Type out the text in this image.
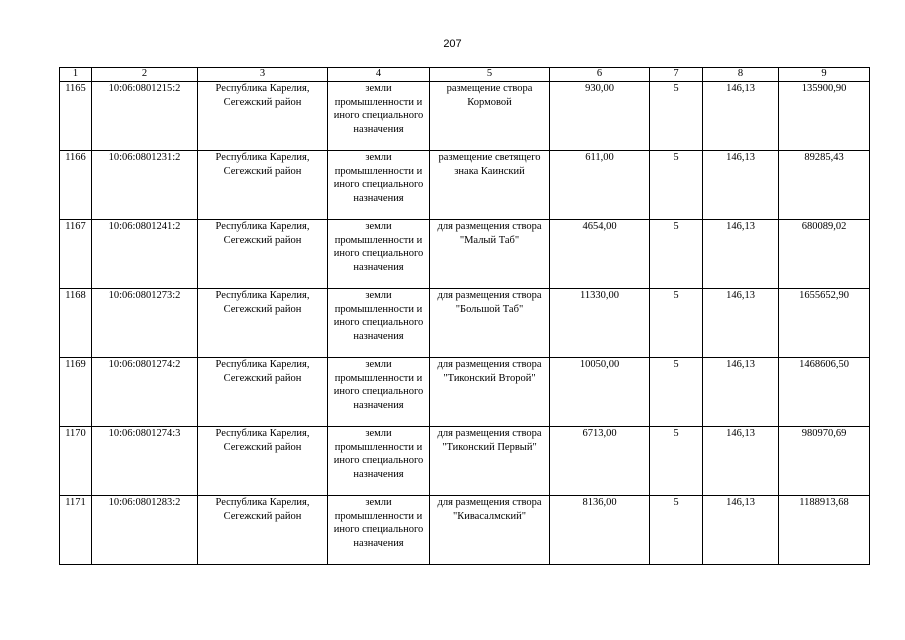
207
1	2	3	4	5	6	7	8	9
1165	10:06:0801215:2	Республика Карелия, Сегежский район	земли промышленности и иного специального назначения	размещение створа Кормовой	930,00	5	146,13	135900,90
1166	10:06:0801231:2	Республика Карелия, Сегежский район	земли промышленности и иного специального назначения	размещение светящего знака Каинский	611,00	5	146,13	89285,43
1167	10:06:0801241:2	Республика Карелия, Сегежский район	земли промышленности и иного специального назначения	для размещения створа "Малый Таб"	4654,00	5	146,13	680089,02
1168	10:06:0801273:2	Республика Карелия, Сегежский район	земли промышленности и иного специального назначения	для размещения створа "Большой Таб"	11330,00	5	146,13	1655652,90
1169	10:06:0801274:2	Республика Карелия, Сегежский район	земли промышленности и иного специального назначения	для размещения створа "Тиконский Второй"	10050,00	5	146,13	1468606,50
1170	10:06:0801274:3	Республика Карелия, Сегежский район	земли промышленности и иного специального назначения	для размещения створа "Тиконский Первый"	6713,00	5	146,13	980970,69
1171	10:06:0801283:2	Республика Карелия, Сегежский район	земли промышленности и иного специального назначения	для размещения створа "Кивасалмский"	8136,00	5	146,13	1188913,68
